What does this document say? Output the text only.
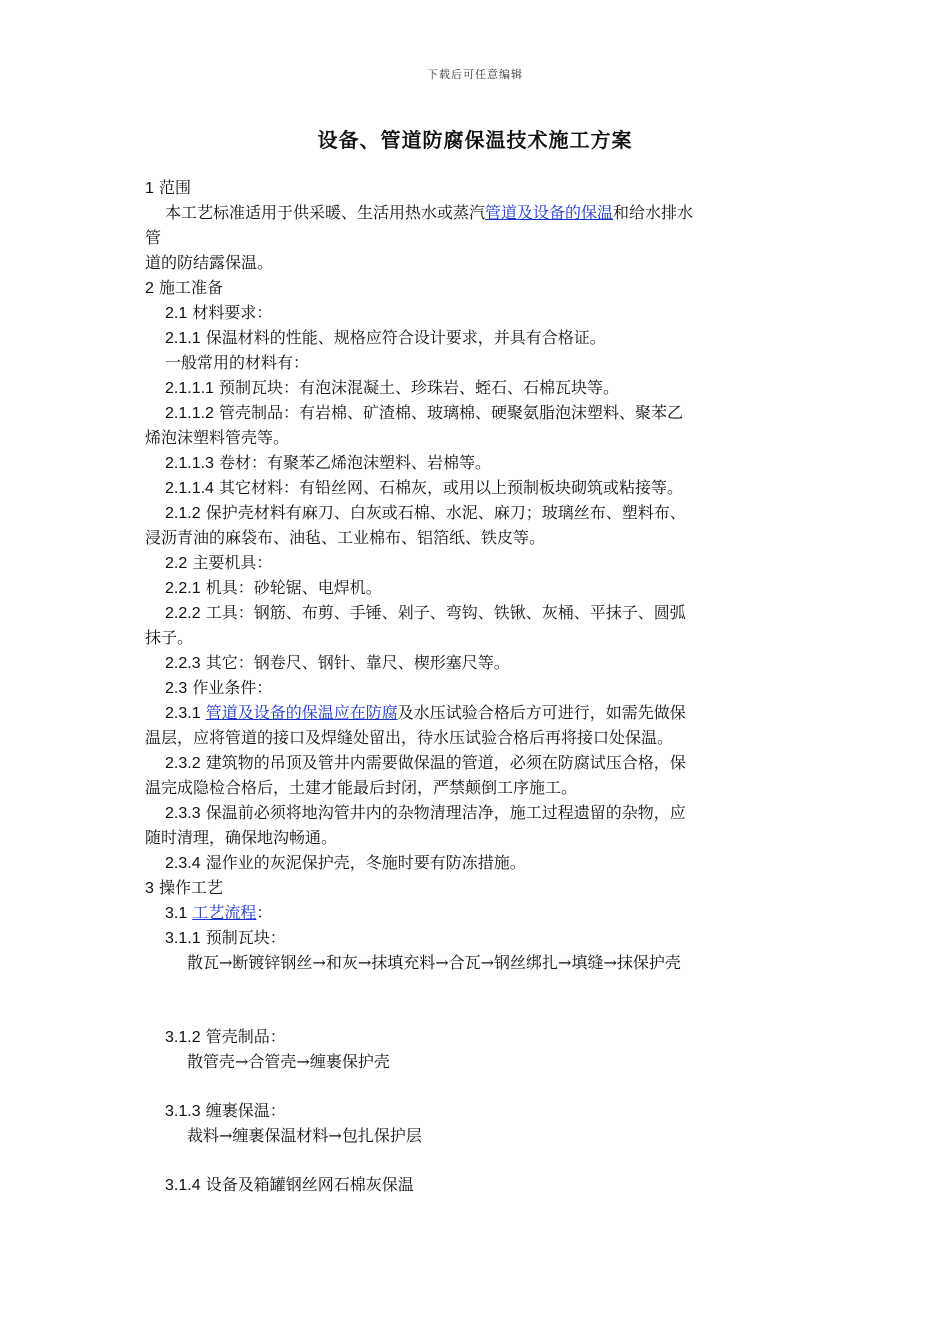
下载后可任意编辑
设备、管道防腐保温技术施工方案
1 范围
本工艺标准适用于供采暖、生活用热水或蒸汽管道及设备的保温和给水排水
管
道的防结露保温。
2 施工准备
2.1 材料要求：
2.1.1 保温材料的性能、规格应符合设计要求，并具有合格证。
一般常用的材料有：
2.1.1.1 预制瓦块：有泡沫混凝土、珍珠岩、蛭石、石棉瓦块等。
2.1.1.2 管壳制品：有岩棉、矿渣棉、玻璃棉、硬聚氨脂泡沫塑料、聚苯乙
烯泡沫塑料管壳等。
2.1.1.3 卷材：有聚苯乙烯泡沫塑料、岩棉等。
2.1.1.4 其它材料：有铅丝网、石棉灰，或用以上预制板块砌筑或粘接等。
2.1.2 保护壳材料有麻刀、白灰或石棉、水泥、麻刀；玻璃丝布、塑料布、
浸沥青油的麻袋布、油毡、工业棉布、铝箔纸、铁皮等。
2.2 主要机具：
2.2.1 机具：砂轮锯、电焊机。
2.2.2 工具：钢筋、布剪、手锤、剁子、弯钩、铁锹、灰桶、平抹子、圆弧
抹子。
2.2.3 其它：钢卷尺、钢针、靠尺、楔形塞尺等。
2.3 作业条件：
2.3.1 管道及设备的保温应在防腐及水压试验合格后方可进行，如需先做保
温层，应将管道的接口及焊缝处留出，待水压试验合格后再将接口处保温。
2.3.2 建筑物的吊顶及管井内需要做保温的管道，必须在防腐试压合格，保
温完成隐检合格后，土建才能最后封闭，严禁颠倒工序施工。
2.3.3 保温前必须将地沟管井内的杂物清理洁净，施工过程遗留的杂物，应
随时清理，确保地沟畅通。
2.3.4 湿作业的灰泥保护壳，冬施时要有防冻措施。
3 操作工艺
3.1 工艺流程：
3.1.1 预制瓦块：
散瓦→断镀锌钢丝→和灰→抹填充料→合瓦→钢丝绑扎→填缝→抹保护壳
3.1.2 管壳制品：
散管壳→合管壳→缠裹保护壳
3.1.3 缠裹保温：
裁料→缠裹保温材料→包扎保护层
3.1.4 设备及箱罐钢丝网石棉灰保温
